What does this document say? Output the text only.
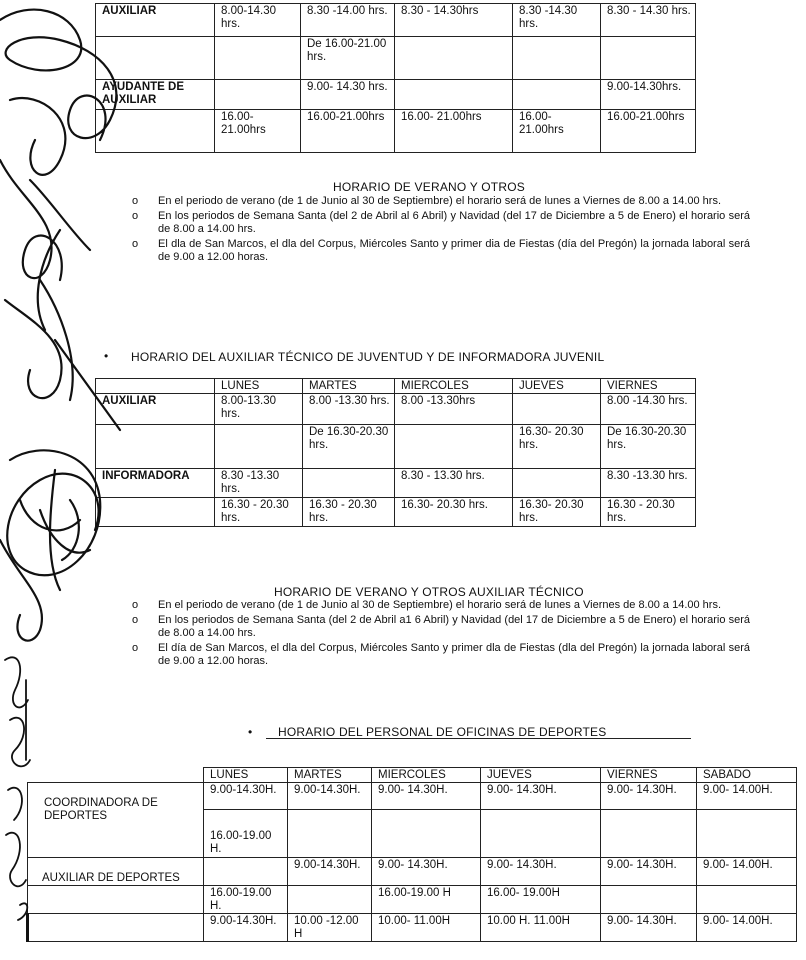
AUXILIAR	8.00-14.30 hrs.	8.30 -14.00 hrs.	8.30 - 14.30hrs	8.30 -14.30 hrs.	8.30 - 14.30 hrs.
		De 16.00-21.00 hrs.			
AYUDANTE DE AUXILIAR		9.00- 14.30 hrs.			9.00-14.30hrs.
	16.00-21.00hrs	16.00-21.00hrs	16.00- 21.00hrs	16.00-21.00hrs	16.00-21.00hrs
HORARIO DE VERANO Y OTROS
o En el periodo de verano (de 1 de Junio al 30 de Septiembre) el horario será de lunes a Viernes de 8.00 a 14.00 hrs.
o En los periodos de Semana Santa (del 2 de Abril al 6 Abril) y Navidad (del 17 de Diciembre a 5 de Enero) el horario será de 8.00 a 14.00 hrs.
o El dla de San Marcos, el dla del Corpus, Miércoles Santo y primer dia de Fiestas (día del Pregón) la jornada laboral será de 9.00 a 12.00 horas.
• HORARIO DEL AUXILIAR TÉCNICO DE JUVENTUD Y DE INFORMADORA JUVENIL
	LUNES	MARTES	MIERCOLES	JUEVES	VIERNES
AUXILIAR	8.00-13.30 hrs.	8.00 -13.30 hrs.	8.00 -13.30hrs		8.00 -14.30 hrs.
		De 16.30-20.30 hrs.		16.30- 20.30 hrs.	De 16.30-20.30 hrs.
INFORMADORA	8.30 -13.30 hrs.		8.30 - 13.30 hrs.		8.30 -13.30 hrs.
	16.30 - 20.30 hrs.	16.30 - 20.30 hrs.	16.30- 20.30 hrs.	16.30- 20.30 hrs.	16.30 - 20.30 hrs.
HORARIO DE VERANO Y OTROS AUXILIAR TÉCNICO
o En el periodo de verano (de 1 de Junio al 30 de Septiembre) el horario será de lunes a Viernes de 8.00 a 14.00 hrs.
o En los periodos de Semana Santa (del 2 de Abril a1 6 Abril) y Navidad (del 17 de Diciembre a 5 de Enero) el horario será de 8.00 a 14.00 hrs.
o El día de San Marcos, el dla del Corpus, Miércoles Santo y primer dla de Fiestas (dla del Pregón) la jornada laboral será de 9.00 a 12.00 horas.
•	HORARIO DEL PERSONAL DE OFICINAS DE DEPORTES
	LUNES	MARTES	MIERCOLES	JUEVES	VIERNES	SABADO
COORDINADORA DE DEPORTES	9.00-14.30H.	9.00-14.30H.	9.00- 14.30H.	9.00- 14.30H.	9.00- 14.30H.	9.00- 14.00H.
	16.00-19.00 H.					
AUXILIAR DE DEPORTES		9.00-14.30H.	9.00- 14.30H.	9.00- 14.30H.	9.00- 14.30H.	9.00- 14.00H.
	16.00-19.00 H.		16.00-19.00 H	16.00- 19.00H		
	9.00-14.30H.	10.00 -12.00 H	10.00- 11.00H	10.00 H. 11.00H	9.00- 14.30H.	9.00- 14.00H.
